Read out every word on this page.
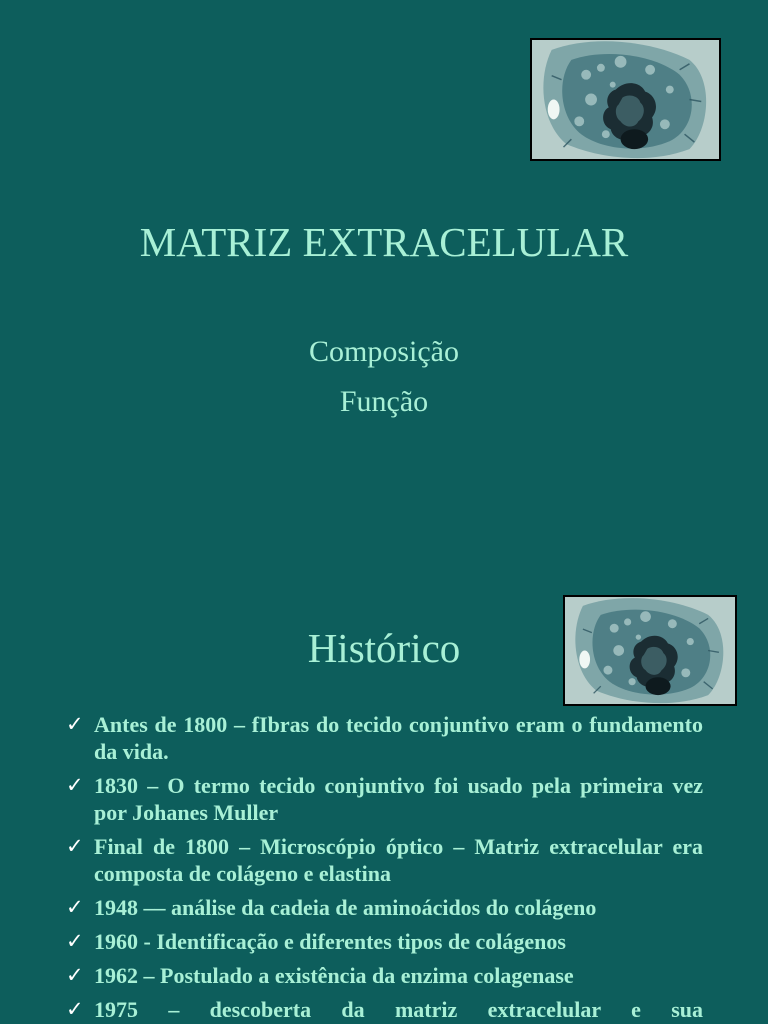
MATRIZ EXTRACELULAR

Composição

Função

Histórico
✓ Antes de 1800 – fIbras do tecido conjuntivo eram o fundamento da vida.
✓ 1830 – O termo tecido conjuntivo foi usado pela primeira vez por Johanes Muller
✓ Final de 1800 – Microscópio óptico – Matriz extracelular era composta de colágeno e elastina
✓ 1948 –– análise da cadeia de aminoácidos do colágeno
✓ 1960 - Identificação e diferentes tipos de colágenos
✓ 1962 – Postulado a existência da enzima colagenase
✓ 1975 – descoberta da matriz extracelular e sua
